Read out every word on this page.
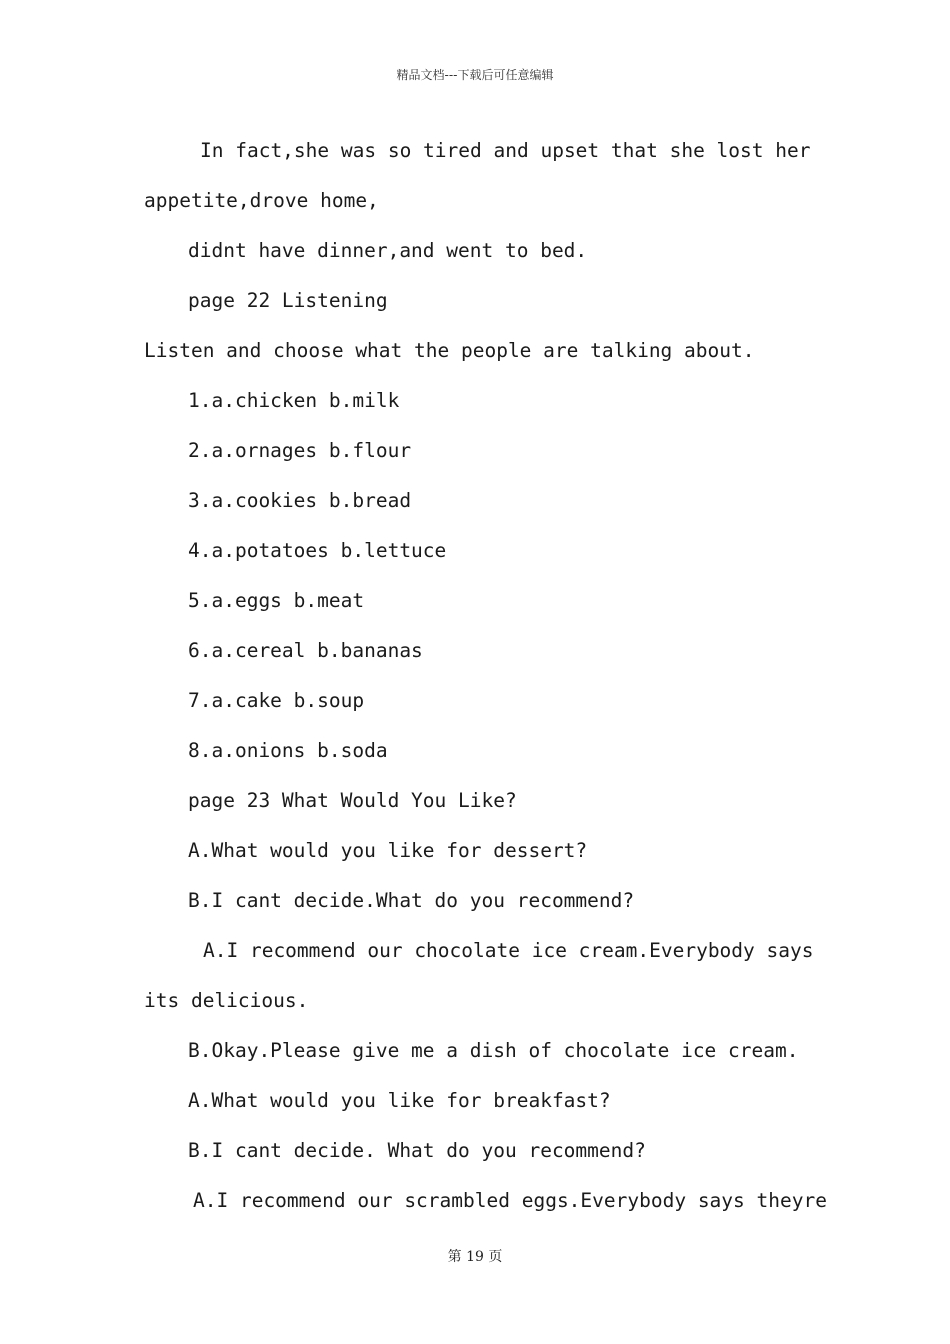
精品文档---下载后可任意编辑
In fact,she was so tired and upset that she lost her
appetite,drove home,
didnt have dinner,and went to bed.
page 22 Listening
Listen and choose what the people are talking about.
1.a.chicken b.milk
2.a.ornages b.flour
3.a.cookies b.bread
4.a.potatoes b.lettuce
5.a.eggs b.meat
6.a.cereal b.bananas
7.a.cake b.soup
8.a.onions b.soda
page 23 What Would You Like?
A.What would you like for dessert?
B.I cant decide.What do you recommend?
A.I recommend our chocolate ice cream.Everybody says
its delicious.
B.Okay.Please give me a dish of chocolate ice cream.
A.What would you like for breakfast?
B.I cant decide. What do you recommend?
A.I recommend our scrambled eggs.Everybody says theyre
第 19 页
